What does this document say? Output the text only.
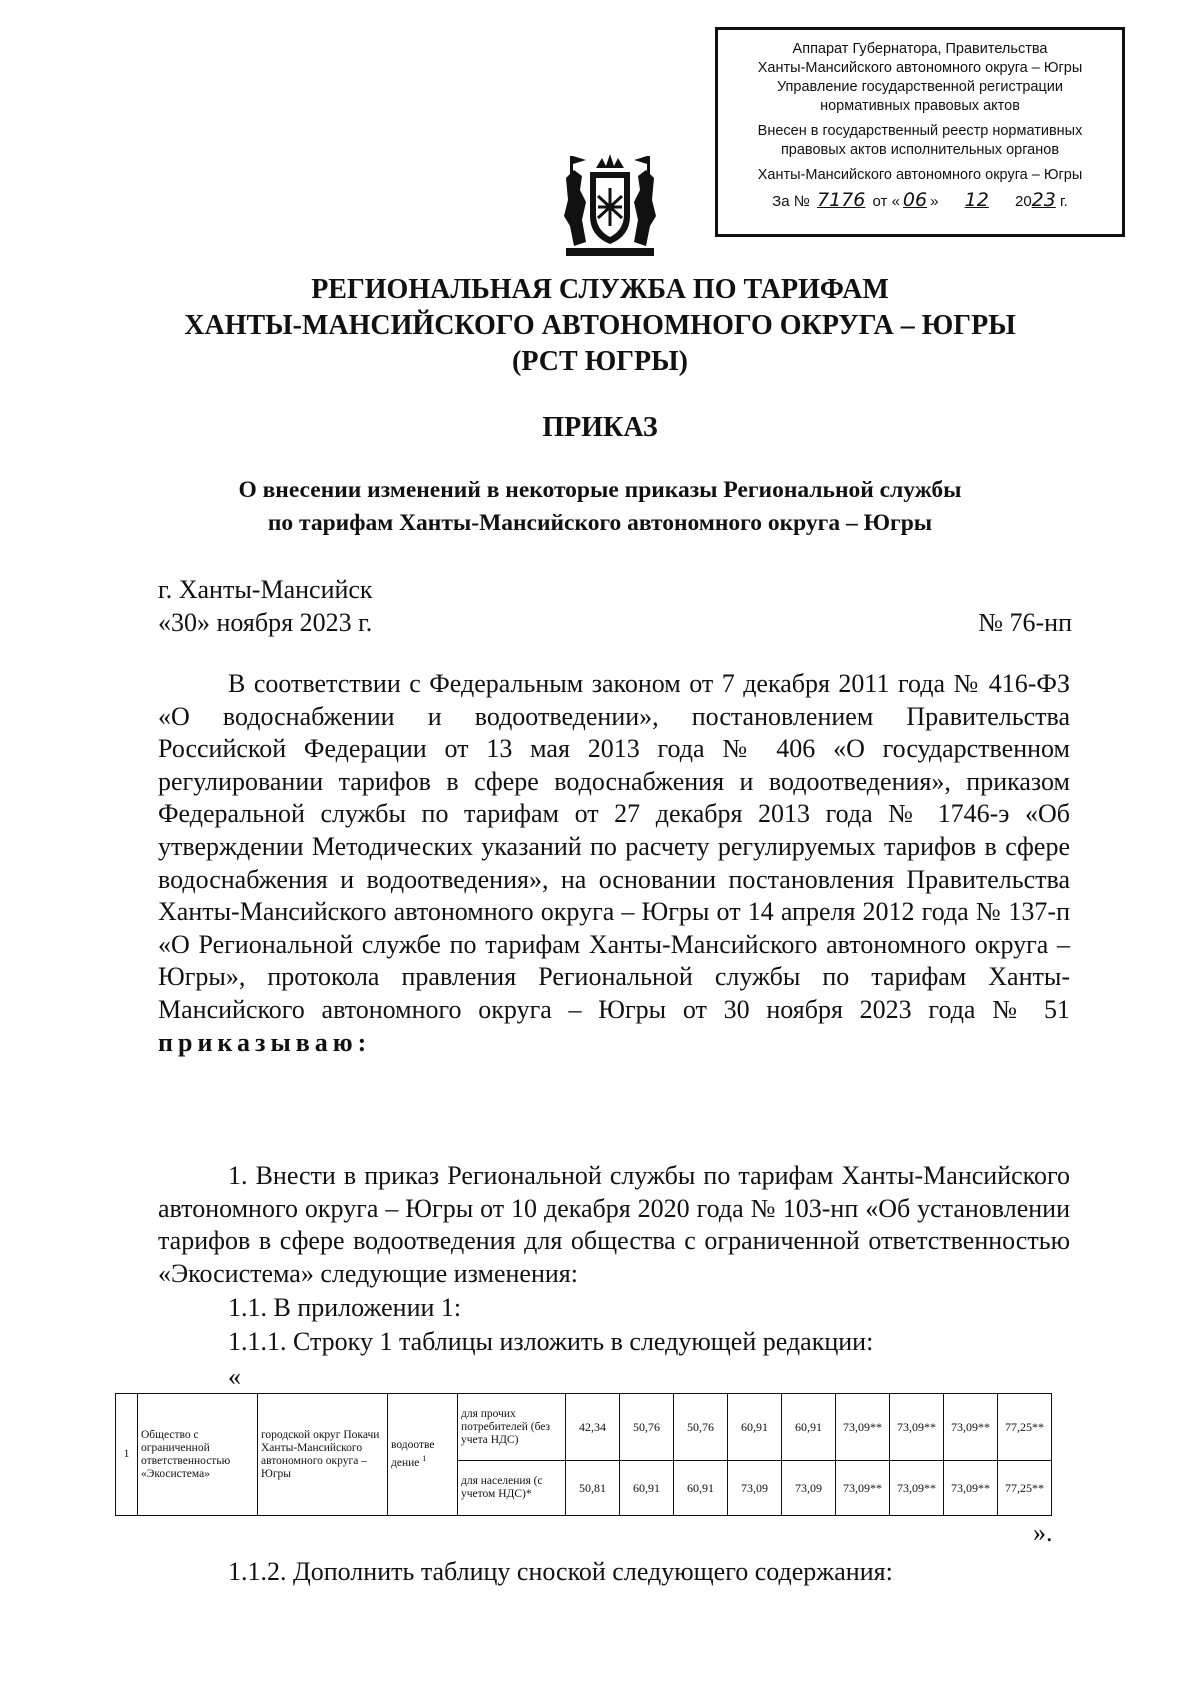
Аппарат Губернатора, Правительства
Ханты-Мансийского автономного округа – Югры
Управление государственной регистрации
нормативных правовых актов
Внесен в государственный реестр нормативных
правовых актов исполнительных органов
Ханты-Мансийского автономного округа – Югры
За № 7176 от « 06 » 12 2023 г.
РЕГИОНАЛЬНАЯ СЛУЖБА ПО ТАРИФАМ
ХАНТЫ-МАНСИЙСКОГО АВТОНОМНОГО ОКРУГА – ЮГРЫ
(РСТ ЮГРЫ)
ПРИКАЗ
О внесении изменений в некоторые приказы Региональной службы
по тарифам Ханты-Мансийского автономного округа – Югры
г. Ханты-Мансийск
«30» ноября 2023 г.	№ 76-нп
В соответствии с Федеральным законом от 7 декабря 2011 года № 416-ФЗ «О водоснабжении и водоотведении», постановлением Правительства Российской Федерации от 13 мая 2013 года № 406 «О государственном регулировании тарифов в сфере водоснабжения и водоотведения», приказом Федеральной службы по тарифам от 27 декабря 2013 года № 1746-э «Об утверждении Методических указаний по расчету регулируемых тарифов в сфере водоснабжения и водоотведения», на основании постановления Правительства Ханты-Мансийского автономного округа – Югры от 14 апреля 2012 года № 137-п «О Региональной службе по тарифам Ханты-Мансийского автономного округа – Югры», протокола правления Региональной службы по тарифам Ханты-Мансийского автономного округа – Югры от 30 ноября 2023 года № 51 приказываю:
1. Внести в приказ Региональной службы по тарифам Ханты-Мансийского автономного округа – Югры от 10 декабря 2020 года № 103-нп «Об установлении тарифов в сфере водоотведения для общества с ограниченной ответственностью «Экосистема» следующие изменения:
1.1. В приложении 1:
1.1.1. Строку 1 таблицы изложить в следующей редакции:
«
1	Общество с ограниченной ответственностью «Экосистема»	городской округ Покачи Ханты-Мансийского автономного округа – Югры	водоотве дение $^1$	для прочих потребителей (без учета НДС)	42,34	50,76	50,76	60,91	60,91	73,09**	73,09**	73,09**	77,25**
				для населения (с учетом НДС)*	50,81	60,91	60,91	73,09	73,09	73,09**	73,09**	73,09**	77,25**
».
1.1.2. Дополнить таблицу сноской следующего содержания:
